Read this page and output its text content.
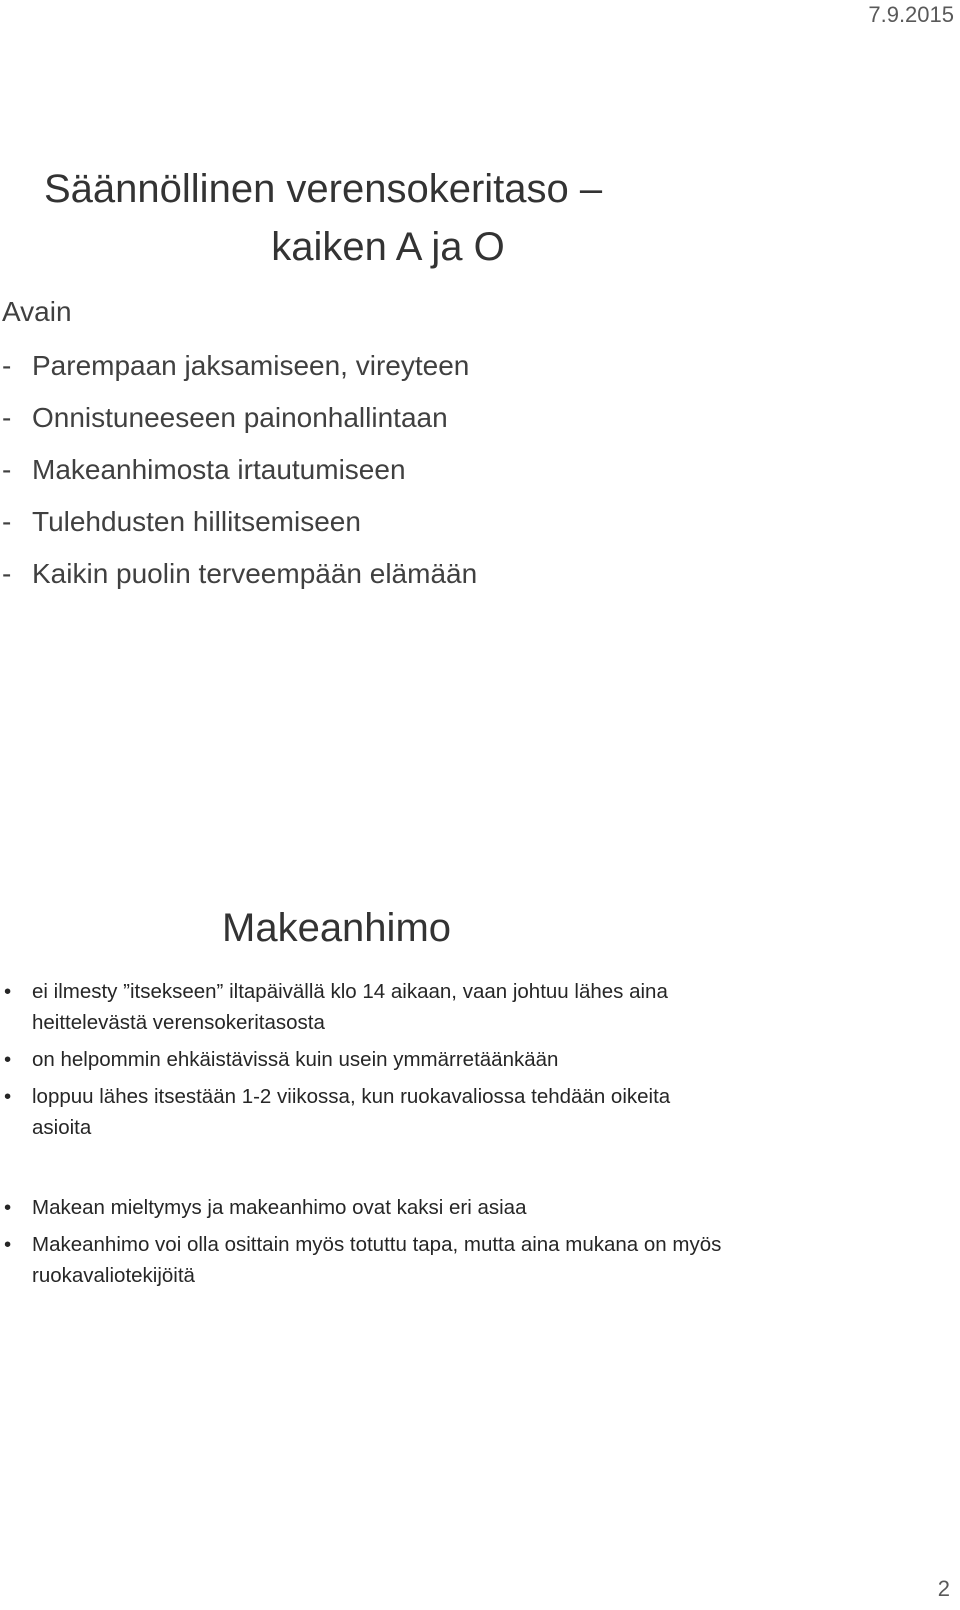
7.9.2015
Säännöllinen verensokeritaso –
kaiken A ja O
Avain
- Parempaan jaksamiseen, vireyteen
- Onnistuneeseen painonhallintaan
- Makeanhimosta irtautumiseen
- Tulehdusten hillitsemiseen
- Kaikin puolin terveempään elämään
Makeanhimo
• ei ilmesty ”itsekseen” iltapäivällä klo 14 aikaan, vaan johtuu lähes aina heittelevästä verensokeritasosta
• on helpommin ehkäistävissä kuin usein ymmärretäänkään
• loppuu lähes itsestään 1-2 viikossa, kun ruokavaliossa tehdään oikeita asioita
• Makean mieltymys ja makeanhimo ovat kaksi eri asiaa
• Makeanhimo voi olla osittain myös totuttu tapa, mutta aina mukana on myös ruokavaliotekijöitä
2
